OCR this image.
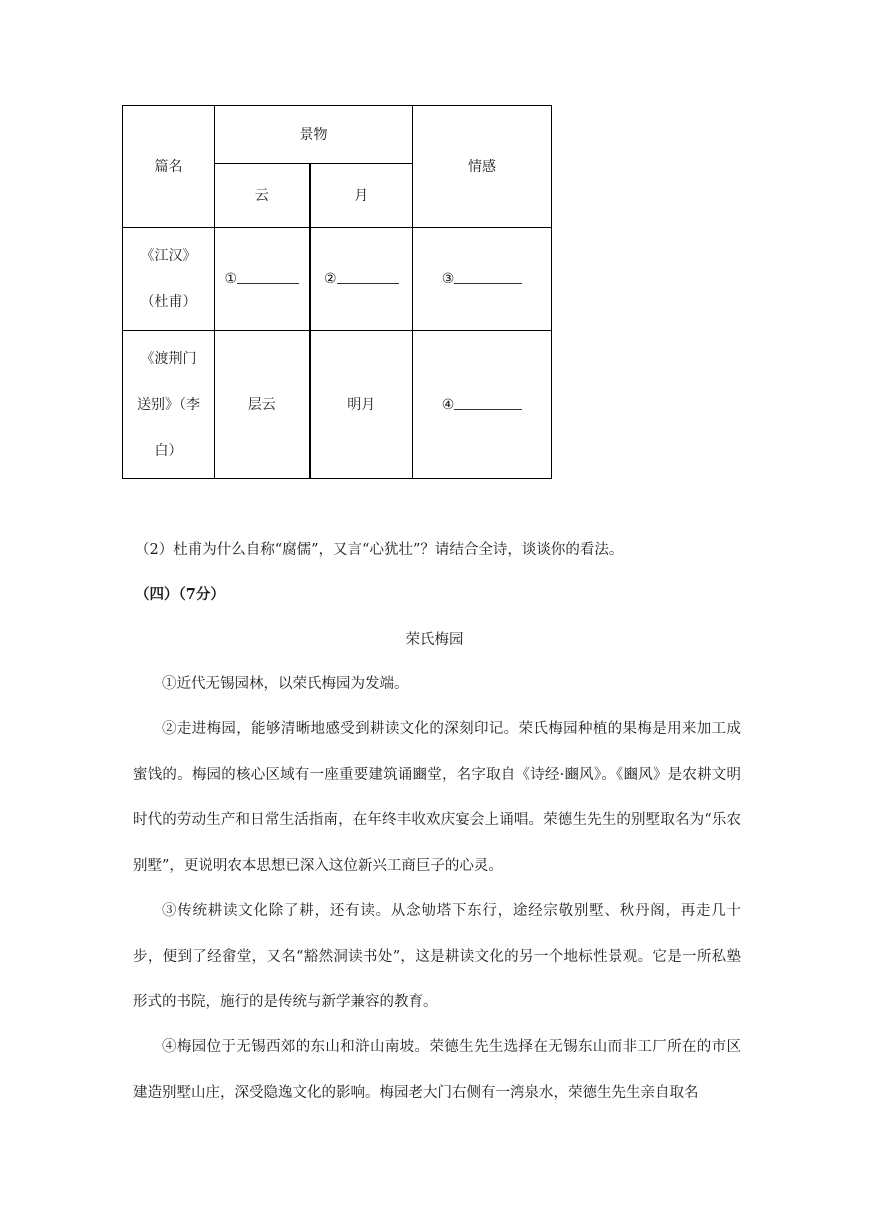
篇名	景物		情感
	云	月	

《江汉》
（杜甫）	①	②	③

《渡荆门
送别》（李
白）	层云	明月	④
（2）杜甫为什么自称“腐儒”，又言“心犹壮”？请结合全诗，谈谈你的看法。
（四）（7分）
荣氏梅园
①近代无锡园林，以荣氏梅园为发端。
②走进梅园，能够清晰地感受到耕读文化的深刻印记。荣氏梅园种植的果梅是用来加工成蜜饯的。梅园的核心区域有一座重要建筑诵豳堂，名字取自《诗经·豳风》。《豳风》是农耕文明时代的劳动生产和日常生活指南，在年终丰收欢庆宴会上诵唱。荣德生先生的别墅取名为“乐农别墅”，更说明农本思想已深入这位新兴工商巨子的心灵。
③传统耕读文化除了耕，还有读。从念劬塔下东行，途经宗敬别墅、秋丹阁，再走几十步，便到了经畲堂，又名“豁然洞读书处”，这是耕读文化的另一个地标性景观。它是一所私塾形式的书院，施行的是传统与新学兼容的教育。
④梅园位于无锡西郊的东山和浒山南坡。荣德生先生选择在无锡东山而非工厂所在的市区建造别墅山庄，深受隐逸文化的影响。梅园老大门右侧有一湾泉水，荣德生先生亲自取名
